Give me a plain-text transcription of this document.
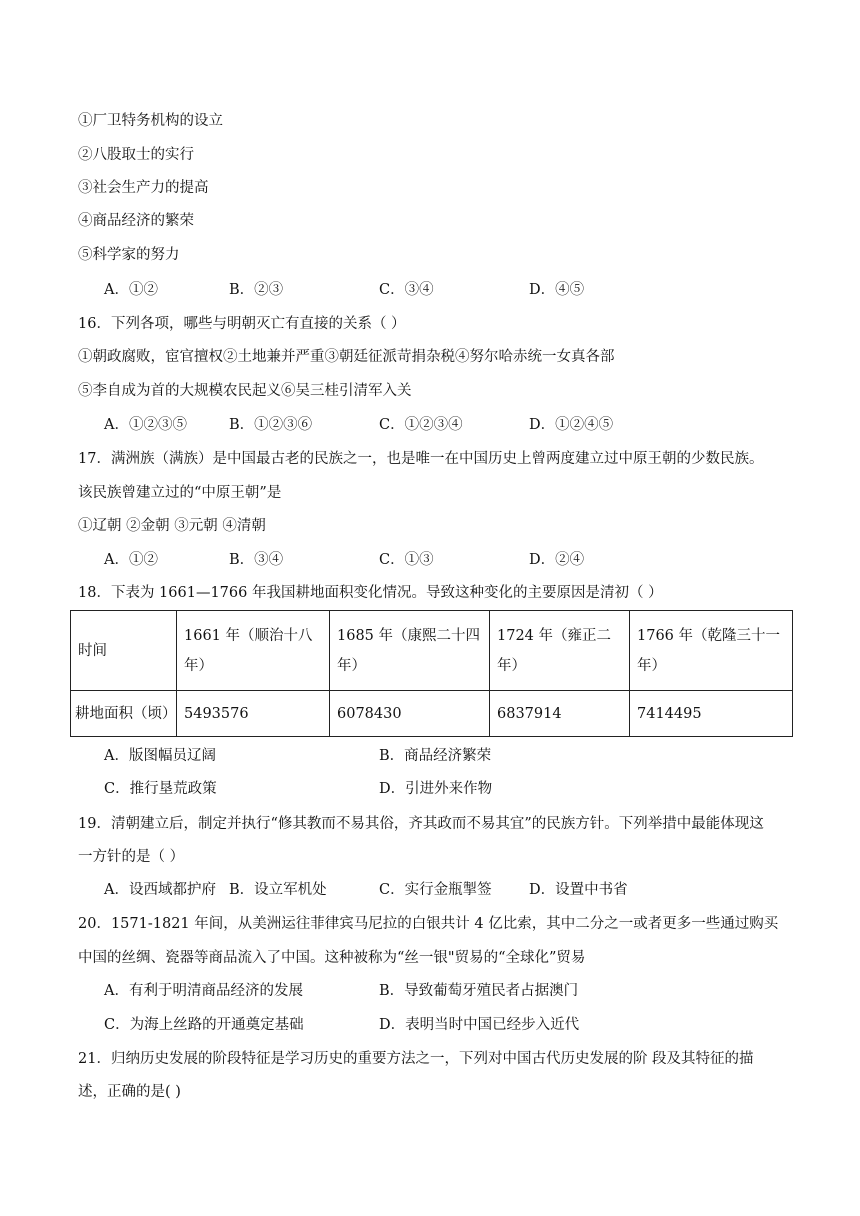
①厂卫特务机构的设立
②八股取士的实行
③社会生产力的提高
④商品经济的繁荣
⑤科学家的努力
A．①②	B．②③	C．③④	D．④⑤
16．下列各项，哪些与明朝灭亡有直接的关系（ ）
①朝政腐败，宦官擅权②土地兼并严重③朝廷征派苛捐杂税④努尔哈赤统一女真各部
⑤李自成为首的大规模农民起义⑥吴三桂引清军入关
A．①②③⑤	B．①②③⑥	C．①②③④	D．①②④⑤
17．满洲族（满族）是中国最古老的民族之一，也是唯一在中国历史上曾两度建立过中原王朝的少数民族。
该民族曾建立过的“中原王朝”是
①辽朝 ②金朝 ③元朝 ④清朝
A．①②	B．③④	C．①③	D．②④
18．下表为 1661—1766 年我国耕地面积变化情况。导致这种变化的主要原因是清初（ ）
时间	1661 年（顺治十八年）	1685 年（康熙二十四年）	1724 年（雍正二年）	1766 年（乾隆三十一年）
耕地面积（顷）	5493576	6078430	6837914	7414495
A．版图幅员辽阔	B．商品经济繁荣
C．推行垦荒政策	D．引进外来作物
19．清朝建立后，制定并执行“修其教而不易其俗，齐其政而不易其宜”的民族方针。下列举措中最能体现这
一方针的是（ ）
A．设西域都护府 B．设立军机处	C．实行金瓶掣签	D．设置中书省
20．1571-1821 年间，从美洲运往菲律宾马尼拉的白银共计 4 亿比索，其中二分之一或者更多一些通过购买
中国的丝绸、瓷器等商品流入了中国。这种被称为“丝一银"贸易的“全球化”贸易
A．有利于明清商品经济的发展	B．导致葡萄牙殖民者占据澳门
C．为海上丝路的开通奠定基础	D．表明当时中国已经步入近代
21．归纳历史发展的阶段特征是学习历史的重要方法之一，下列对中国古代历史发展的阶 段及其特征的描
述，正确的是( )
